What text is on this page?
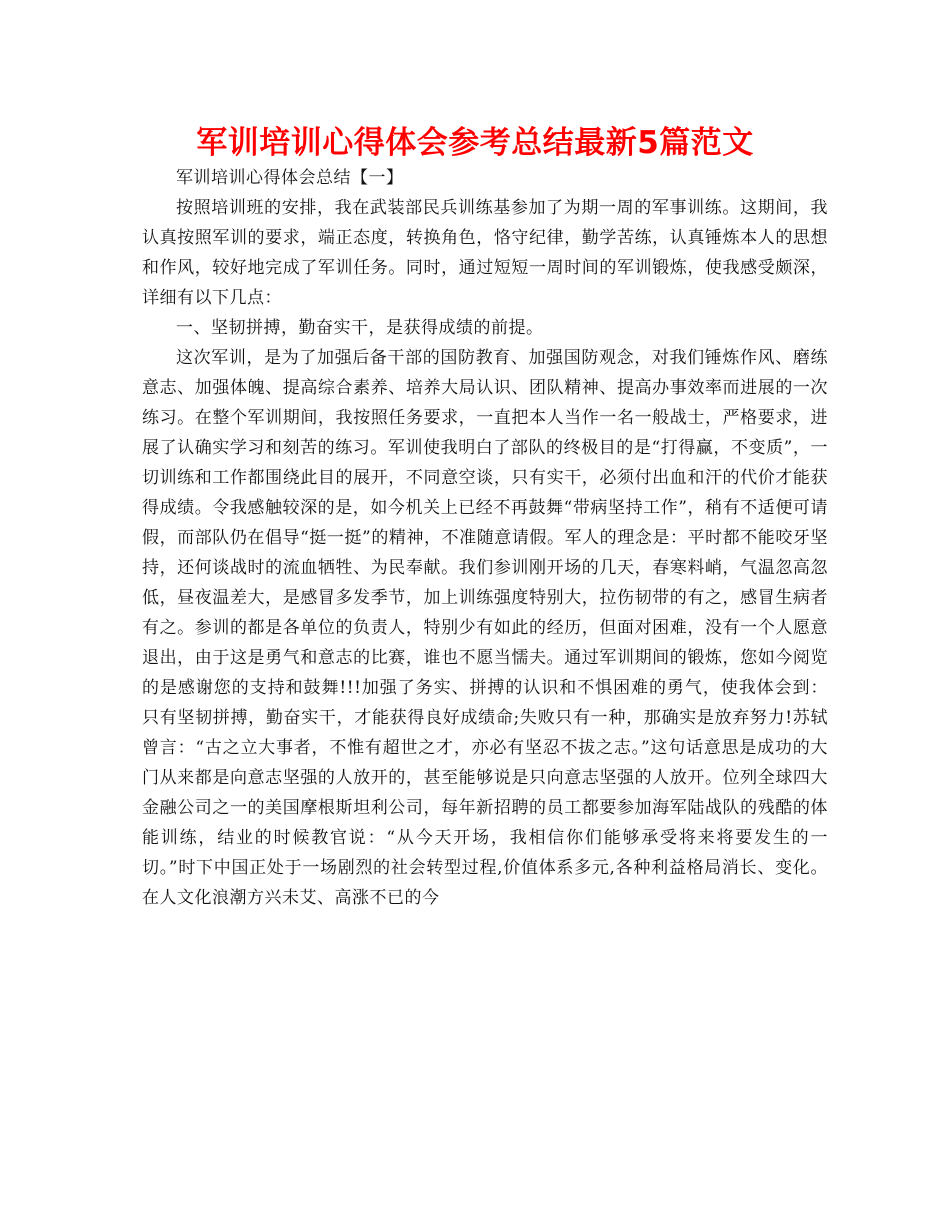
军训培训心得体会参考总结最新5篇范文

军训培训心得体会总结【一】

按照培训班的安排，我在武装部民兵训练基参加了为期一周的军事训练。这期间，我认真按照军训的要求，端正态度，转换角色，恪守纪律，勤学苦练，认真锤炼本人的思想和作风，较好地完成了军训任务。同时，通过短短一周时间的军训锻炼，使我感受颇深，详细有以下几点：

一、坚韧拼搏，勤奋实干，是获得成绩的前提。

这次军训，是为了加强后备干部的国防教育、加强国防观念，对我们锤炼作风、磨练意志、加强体魄、提高综合素养、培养大局认识、团队精神、提高办事效率而进展的一次练习。在整个军训期间，我按照任务要求，一直把本人当作一名一般战士，严格要求，进展了认确实学习和刻苦的练习。军训使我明白了部队的终极目的是“打得赢，不变质”，一切训练和工作都围绕此目的展开，不同意空谈，只有实干，必须付出血和汗的代价才能获得成绩。令我感触较深的是，如今机关上已经不再鼓舞“带病坚持工作”，稍有不适便可请假，而部队仍在倡导“挺一挺”的精神，不准随意请假。军人的理念是：平时都不能咬牙坚持，还何谈战时的流血牺牲、为民奉献。我们参训刚开场的几天，春寒料峭，气温忽高忽低，昼夜温差大，是感冒多发季节，加上训练强度特别大，拉伤韧带的有之，感冒生病者有之。参训的都是各单位的负责人，特别少有如此的经历，但面对困难，没有一个人愿意退出，由于这是勇气和意志的比赛，谁也不愿当懦夫。通过军训期间的锻炼，您如今阅览的是感谢您的支持和鼓舞!!!加强了务实、拼搏的认识和不惧困难的勇气，使我体会到：只有坚韧拼搏，勤奋实干，才能获得良好成绩命;失败只有一种，那确实是放弃努力!苏轼曾言：“古之立大事者，不惟有超世之才，亦必有坚忍不拔之志。”这句话意思是成功的大门从来都是向意志坚强的人放开的，甚至能够说是只向意志坚强的人放开。位列全球四大金融公司之一的美国摩根斯坦利公司，每年新招聘的员工都要参加海军陆战队的残酷的体能训练，结业的时候教官说：“从今天开场，我相信你们能够承受将来将要发生的一切。”时下中国正处于一场剧烈的社会转型过程,价值体系多元,各种利益格局消长、变化。在人文化浪潮方兴未艾、高涨不已的今
